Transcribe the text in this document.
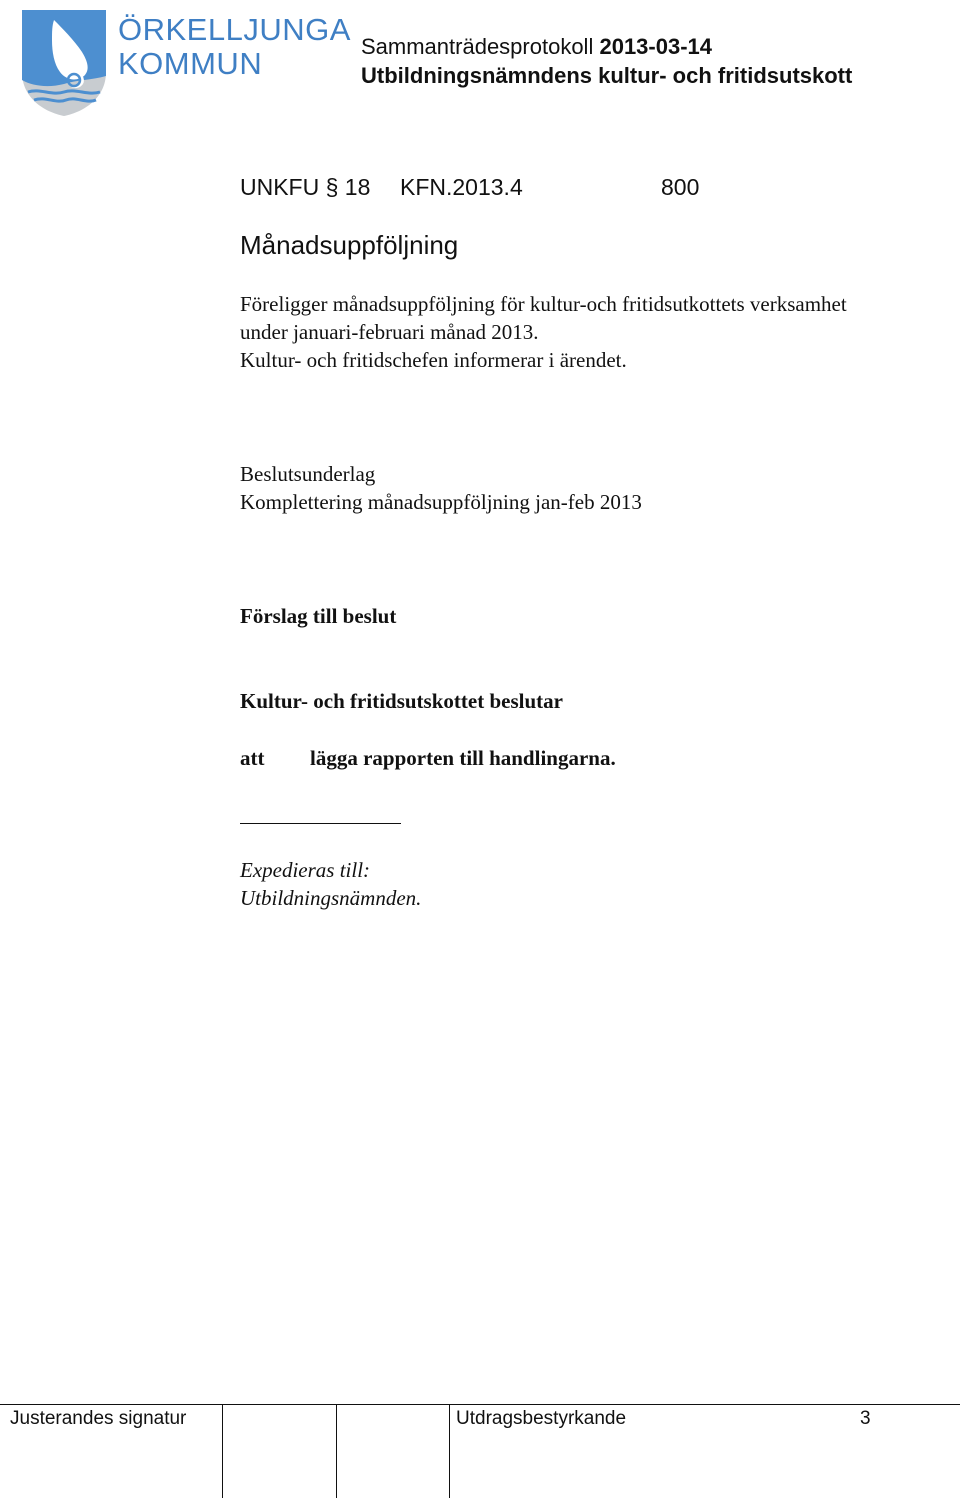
ÖRKELLJUNGA
KOMMUN	Sammanträdesprotokoll 2013-03-14
Utbildningsnämndens kultur- och fritidsutskott
UNKFU § 18 KFN.2013.4	800
Månadsuppföljning
Föreligger månadsuppföljning för kultur-och fritidsutkottets verksamhet
under januari-februari månad 2013.
Kultur- och fritidschefen informerar i ärendet.
Beslutsunderlag
Komplettering månadsuppföljning jan-feb 2013
Förslag till beslut
Kultur- och fritidsutskottet beslutar
att lägga rapporten till handlingarna.
Expedieras till:
Utbildningsnämnden.
Justerandes signatur	Utdragsbestyrkande	3
